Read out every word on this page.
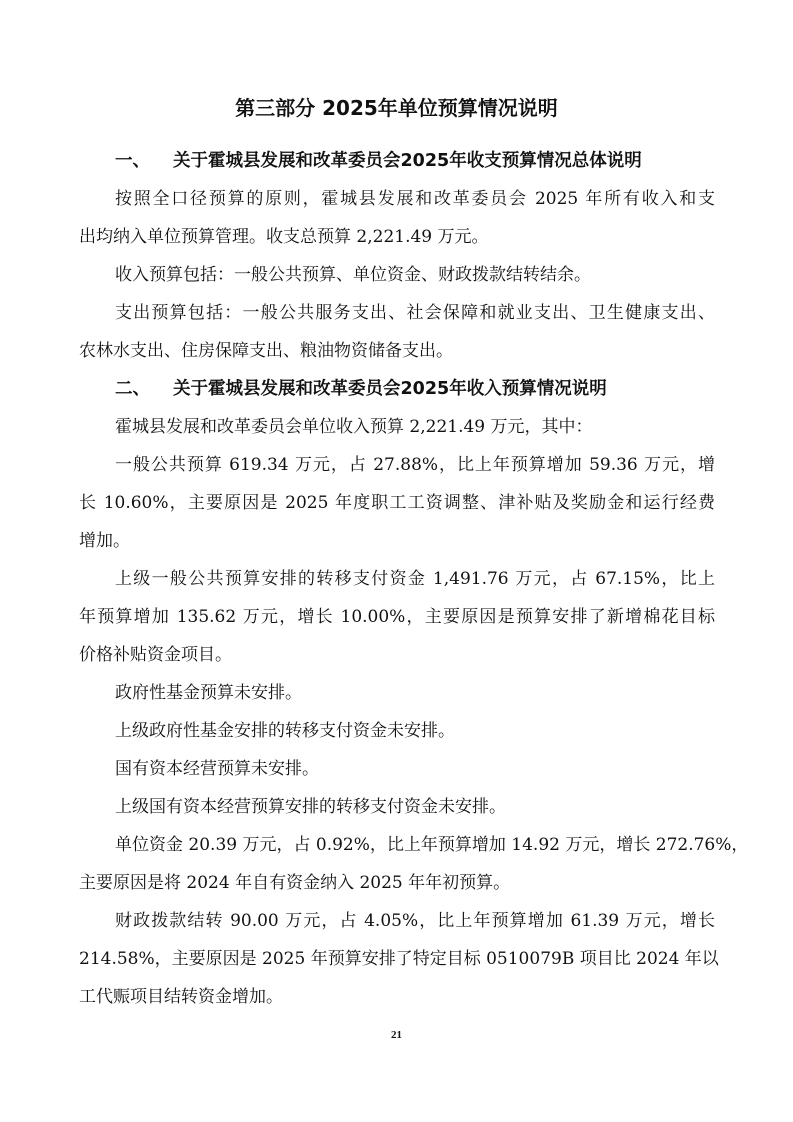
第三部分 2025年单位预算情况说明
一、 关于霍城县发展和改革委员会2025年收支预算情况总体说明
按照全口径预算的原则，霍城县发展和改革委员会 2025 年所有收入和支
出均纳入单位预算管理。收支总预算 2,221.49 万元。
收入预算包括：一般公共预算、单位资金、财政拨款结转结余。
支出预算包括：一般公共服务支出、社会保障和就业支出、卫生健康支出、
农林水支出、住房保障支出、粮油物资储备支出。
二、 关于霍城县发展和改革委员会2025年收入预算情况说明
霍城县发展和改革委员会单位收入预算 2,221.49 万元，其中：
一般公共预算 619.34 万元，占 27.88%，比上年预算增加 59.36 万元，增
长 10.60%，主要原因是 2025 年度职工工资调整、津补贴及奖励金和运行经费
增加。
上级一般公共预算安排的转移支付资金 1,491.76 万元，占 67.15%，比上
年预算增加 135.62 万元，增长 10.00%，主要原因是预算安排了新增棉花目标
价格补贴资金项目。
政府性基金预算未安排。
上级政府性基金安排的转移支付资金未安排。
国有资本经营预算未安排。
上级国有资本经营预算安排的转移支付资金未安排。
单位资金 20.39 万元，占 0.92%，比上年预算增加 14.92 万元，增长 272.76%，
主要原因是将 2024 年自有资金纳入 2025 年年初预算。
财政拨款结转 90.00 万元，占 4.05%，比上年预算增加 61.39 万元，增长
214.58%，主要原因是 2025 年预算安排了特定目标 0510079B 项目比 2024 年以
工代赈项目结转资金增加。
21
